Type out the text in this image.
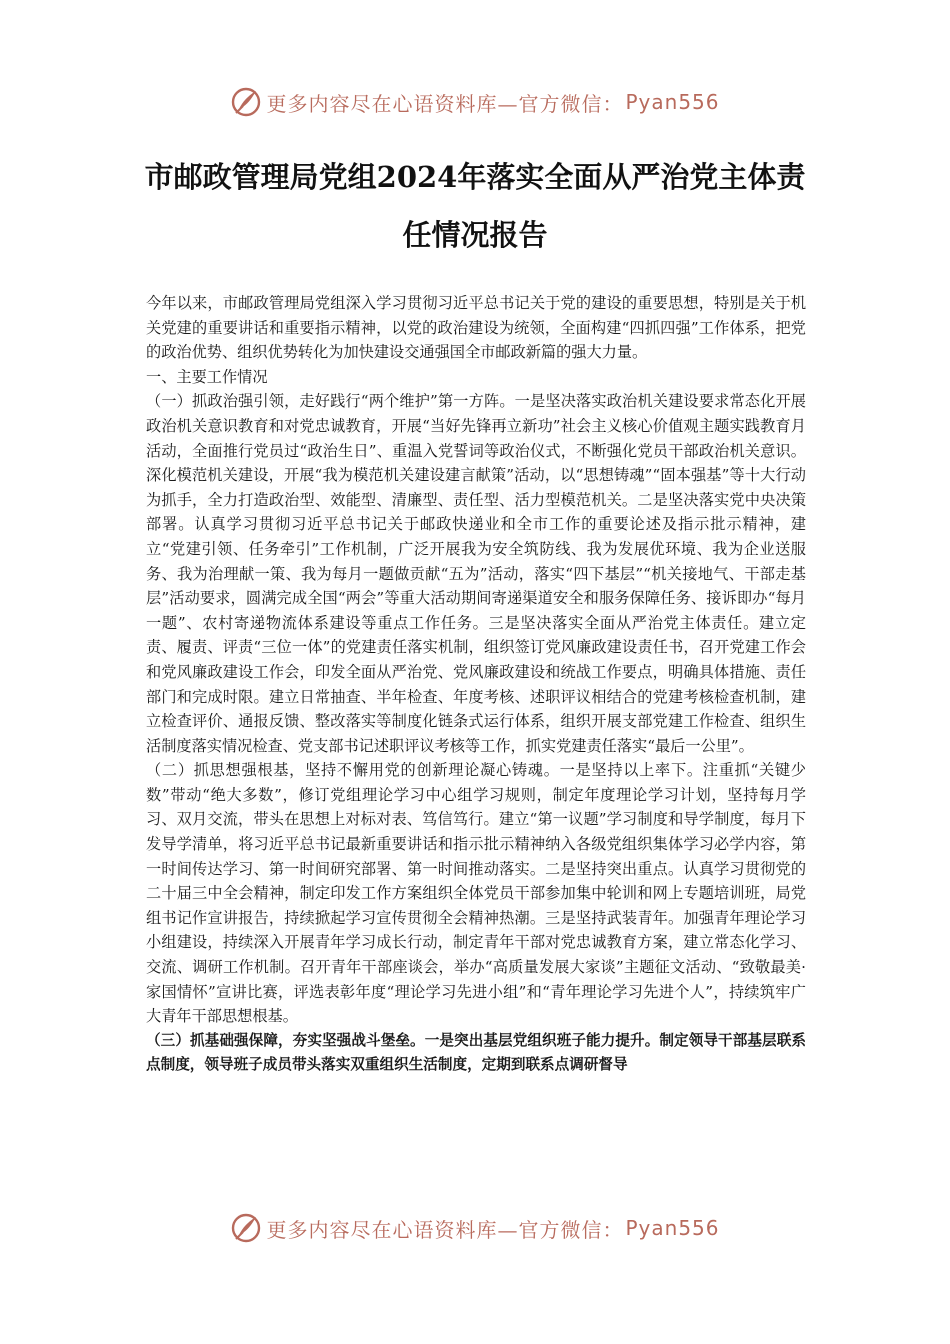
更多内容尽在心语资料库—官方微信： Pyan556
市邮政管理局党组2024年落实全面从严治党主体责任情况报告

今年以来，市邮政管理局党组深入学习贯彻习近平总书记关于党的建设的重要思想，特别是关于机关党建的重要讲话和重要指示精神，以党的政治建设为统领，全面构建“四抓四强”工作体系，把党的政治优势、组织优势转化为加快建设交通强国全市邮政新篇的强大力量。

一、主要工作情况

（一）抓政治强引领，走好践行“两个维护”第一方阵。一是坚决落实政治机关建设要求常态化开展政治机关意识教育和对党忠诚教育，开展“当好先锋再立新功”社会主义核心价值观主题实践教育月活动，全面推行党员过“政治生日”、重温入党誓词等政治仪式，不断强化党员干部政治机关意识。深化模范机关建设，开展“我为模范机关建设建言献策”活动，以“思想铸魂”“固本强基”等十大行动为抓手，全力打造政治型、效能型、清廉型、责任型、活力型模范机关。二是坚决落实党中央决策部署。认真学习贯彻习近平总书记关于邮政快递业和全市工作的重要论述及指示批示精神，建立“党建引领、任务牵引”工作机制，广泛开展我为安全筑防线、我为发展优环境、我为企业送服务、我为治理献一策、我为每月一题做贡献“五为”活动，落实“四下基层”“机关接地气、干部走基层”活动要求，圆满完成全国“两会”等重大活动期间寄递渠道安全和服务保障任务、接诉即办“每月一题”、农村寄递物流体系建设等重点工作任务。三是坚决落实全面从严治党主体责任。建立定责、履责、评责“三位一体”的党建责任落实机制，组织签订党风廉政建设责任书，召开党建工作会和党风廉政建设工作会，印发全面从严治党、党风廉政建设和统战工作要点，明确具体措施、责任部门和完成时限。建立日常抽查、半年检查、年度考核、述职评议相结合的党建考核检查机制，建立检查评价、通报反馈、整改落实等制度化链条式运行体系，组织开展支部党建工作检查、组织生活制度落实情况检查、党支部书记述职评议考核等工作，抓实党建责任落实“最后一公里”。

（二）抓思想强根基，坚持不懈用党的创新理论凝心铸魂。一是坚持以上率下。注重抓“关键少数”带动“绝大多数”，修订党组理论学习中心组学习规则，制定年度理论学习计划，坚持每月学习、双月交流，带头在思想上对标对表、笃信笃行。建立“第一议题”学习制度和导学制度，每月下发导学清单，将习近平总书记最新重要讲话和指示批示精神纳入各级党组织集体学习必学内容，第一时间传达学习、第一时间研究部署、第一时间推动落实。二是坚持突出重点。认真学习贯彻党的二十届三中全会精神，制定印发工作方案组织全体党员干部参加集中轮训和网上专题培训班，局党组书记作宣讲报告，持续掀起学习宣传贯彻全会精神热潮。三是坚持武装青年。加强青年理论学习小组建设，持续深入开展青年学习成长行动，制定青年干部对党忠诚教育方案，建立常态化学习、交流、调研工作机制。召开青年干部座谈会，举办“高质量发展大家谈”主题征文活动、“致敬最美·家国情怀”宣讲比赛，评选表彰年度“理论学习先进小组”和“青年理论学习先进个人”，持续筑牢广大青年干部思想根基。

（三）抓基础强保障，夯实坚强战斗堡垒。一是突出基层党组织班子能力提升。制定领导干部基层联系点制度，领导班子成员带头落实双重组织生活制度，定期到联系点调研督导

更多内容尽在心语资料库—官方微信： Pyan556
